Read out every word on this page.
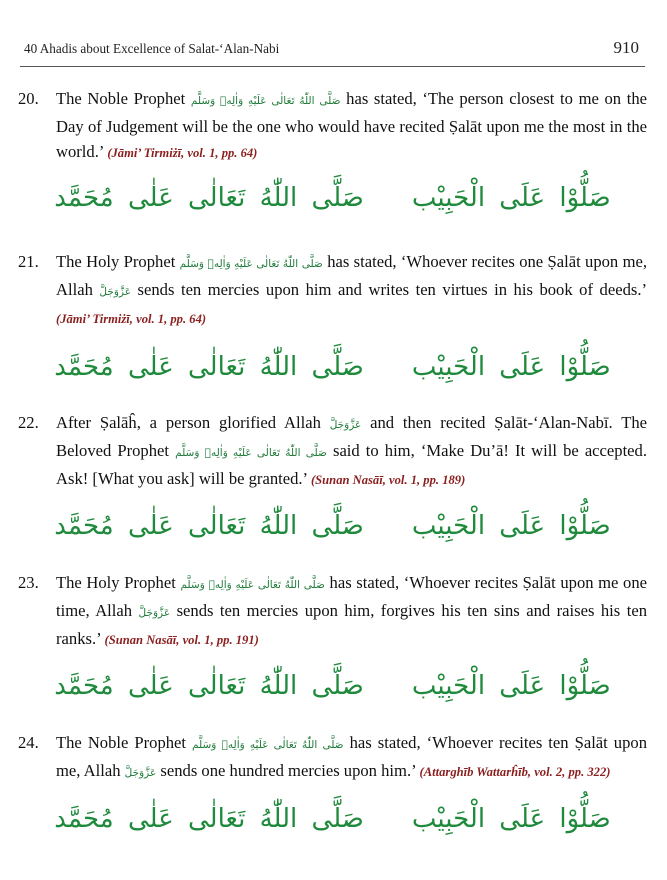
40 Ahadis about Excellence of Salat-‘Alan-Nabi	910
20. The Noble Prophet صَلَّى اللّٰهُ تَعَالٰى عَلَيْهِ وَاٰلِهٖ وَسَلَّم has stated, ‘The person closest to me on the Day of Judgement will be the one who would have recited Ṣalāt upon me the most in the world.’ (Jāmi’ Tirmiżī, vol. 1, pp. 64)
صَلُّوْا عَلَى الْحَبِيْبصَلَّى اللّٰهُ تَعَالٰى عَلٰى مُحَمَّد
21. The Holy Prophet صَلَّى اللّٰهُ تَعَالٰى عَلَيْهِ وَاٰلِهٖ وَسَلَّم has stated, ‘Whoever recites one Ṣalāt upon me, Allah عَزَّوَجَلَّ sends ten mercies upon him and writes ten virtues in his book of deeds.’ (Jāmi’ Tirmiżī, vol. 1, pp. 64)
صَلُّوْا عَلَى الْحَبِيْبصَلَّى اللّٰهُ تَعَالٰى عَلٰى مُحَمَّد
22. After Ṣalāĥ, a person glorified Allah عَزَّوَجَلَّ and then recited Ṣalāt-‘Alan-Nabī. The Beloved Prophet صَلَّى اللّٰهُ تَعَالٰى عَلَيْهِ وَاٰلِهٖ وَسَلَّم said to him, ‘Make Du’ā! It will be accepted. Ask! [What you ask] will be granted.’ (Sunan Nasāī, vol. 1, pp. 189)
صَلُّوْا عَلَى الْحَبِيْبصَلَّى اللّٰهُ تَعَالٰى عَلٰى مُحَمَّد
23. The Holy Prophet صَلَّى اللّٰهُ تَعَالٰى عَلَيْهِ وَاٰلِهٖ وَسَلَّم has stated, ‘Whoever recites Ṣalāt upon me one time, Allah عَزَّوَجَلَّ sends ten mercies upon him, forgives his ten sins and raises his ten ranks.’ (Sunan Nasāī, vol. 1, pp. 191)
صَلُّوْا عَلَى الْحَبِيْبصَلَّى اللّٰهُ تَعَالٰى عَلٰى مُحَمَّد
24. The Noble Prophet صَلَّى اللّٰهُ تَعَالٰى عَلَيْهِ وَاٰلِهٖ وَسَلَّم has stated, ‘Whoever recites ten Ṣalāt upon me, Allah عَزَّوَجَلَّ sends one hundred mercies upon him.’ (Attarghīb Wattarĥīb, vol. 2, pp. 322)
صَلُّوْا عَلَى الْحَبِيْبصَلَّى اللّٰهُ تَعَالٰى عَلٰى مُحَمَّد
